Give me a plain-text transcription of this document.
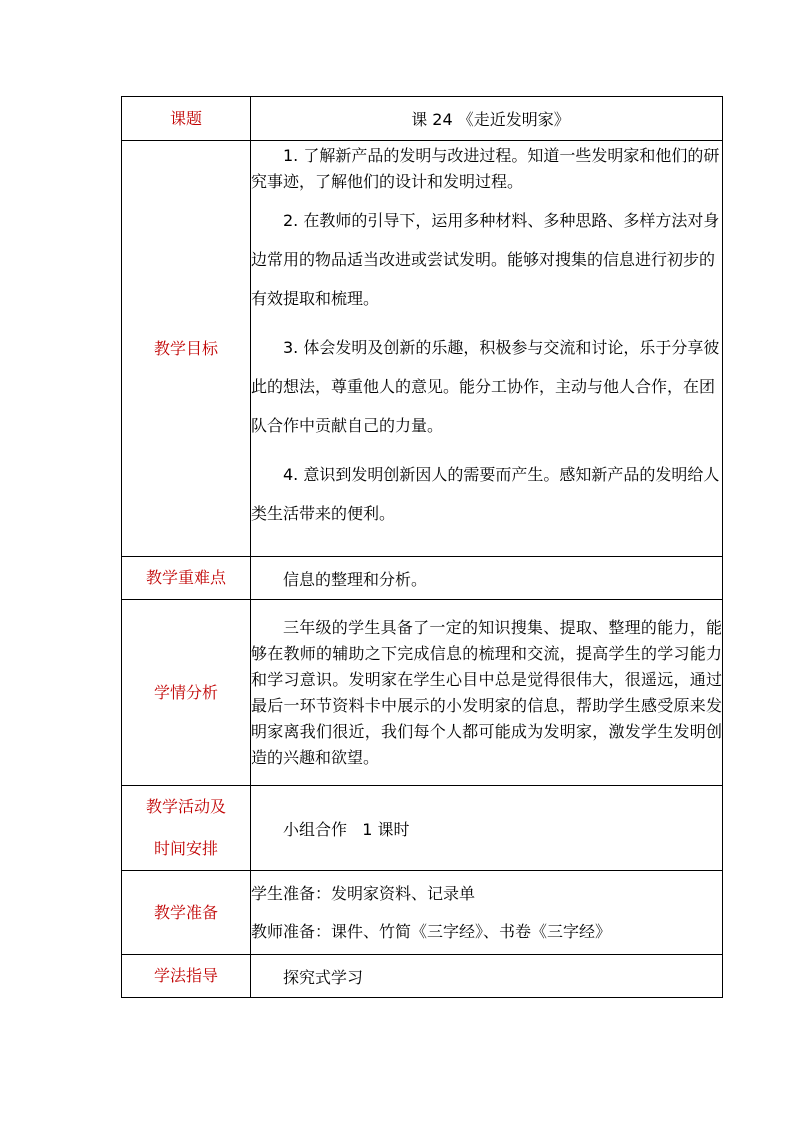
课题	课 24 《走近发明家》

教学目标	1. 了解新产品的发明与改进过程。知道一些发明家和他们的研究事迹，了解他们的设计和发明过程。

2. 在教师的引导下，运用多种材料、多种思路、多样方法对身边常用的物品适当改进或尝试发明。能够对搜集的信息进行初步的有效提取和梳理。

3. 体会发明及创新的乐趣，积极参与交流和讨论，乐于分享彼此的想法，尊重他人的意见。能分工协作，主动与他人合作，在团队合作中贡献自己的力量。

4. 意识到发明创新因人的需要而产生。感知新产品的发明给人类生活带来的便利。

教学重难点	信息的整理和分析。

学情分析	三年级的学生具备了一定的知识搜集、提取、整理的能力，能够在教师的辅助之下完成信息的梳理和交流，提高学生的学习能力和学习意识。发明家在学生心目中总是觉得很伟大，很遥远，通过最后一环节资料卡中展示的小发明家的信息，帮助学生感受原来发明家离我们很近，我们每个人都可能成为发明家，激发学生发明创造的兴趣和欲望。

教学活动及
时间安排	小组合作   1 课时

教学准备	学生准备：发明家资料、记录单

教师准备：课件、竹简《三字经》、书卷《三字经》

学法指导	探究式学习
